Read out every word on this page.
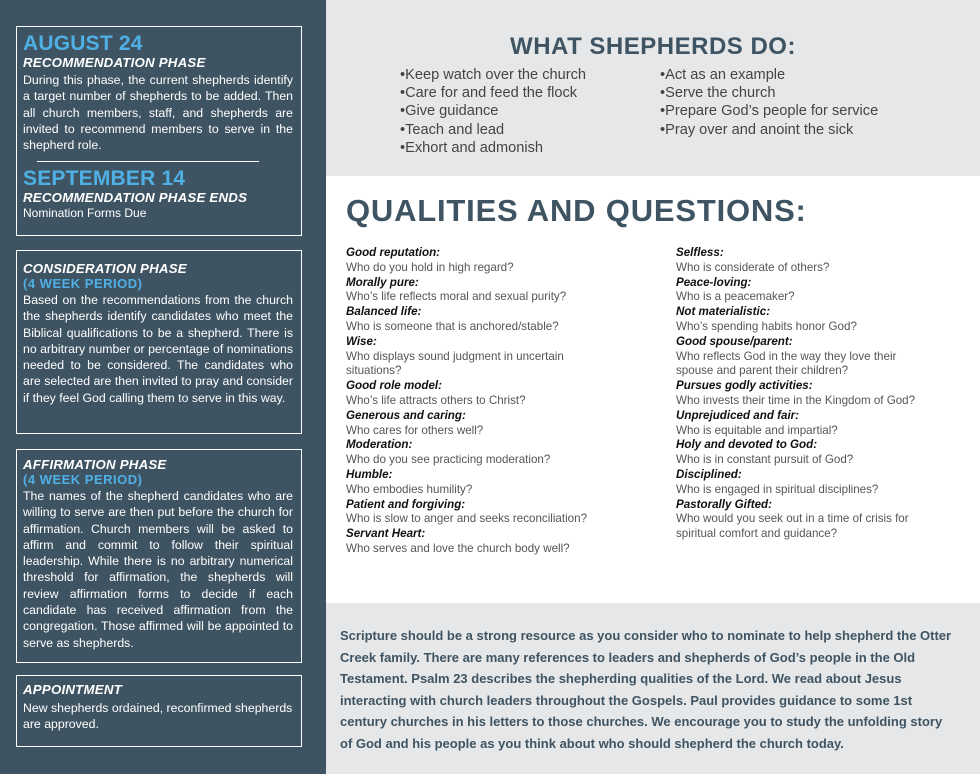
AUGUST 24

RECOMMENDATION PHASE

During this phase, the current shepherds identify a target number of shepherds to be added. Then all church members, staff, and shepherds are invited to recommend members to serve in the shepherd role.

SEPTEMBER 14

RECOMMENDATION PHASE ENDS

Nomination Forms Due

CONSIDERATION PHASE

(4 WEEK PERIOD)

Based on the recommendations from the church the shepherds identify candidates who meet the Biblical qualifications to be a shepherd. There is no arbitrary number or percentage of nominations needed to be considered. The candidates who are selected are then invited to pray and consider if they feel God calling them to serve in this way.

AFFIRMATION PHASE

(4 WEEK PERIOD)

The names of the shepherd candidates who are willing to serve are then put before the church for affirmation. Church members will be asked to affirm and commit to follow their spiritual leadership. While there is no arbitrary numerical threshold for affirmation, the shepherds will review affirmation forms to decide if each candidate has received affirmation from the congregation. Those affirmed will be appointed to serve as shepherds.

APPOINTMENT

New shepherds ordained, reconfirmed shepherds are approved.

WHAT SHEPHERDS DO:

•Keep watch over the church
•Care for and feed the flock
•Give guidance
•Teach and lead
•Exhort and admonish
•Act as an example
•Serve the church
•Prepare God’s people for service
•Pray over and anoint the sick

QUALITIES AND QUESTIONS:

Good reputation:
Who do you hold in high regard?
Morally pure:
Who’s life reflects moral and sexual purity?
Balanced life:
Who is someone that is anchored/stable?
Wise:
Who displays sound judgment in uncertain situations?
Good role model:
Who’s life attracts others to Christ?
Generous and caring:
Who cares for others well?
Moderation:
Who do you see practicing moderation?
Humble:
Who embodies humility?
Patient and forgiving:
Who is slow to anger and seeks reconciliation?
Servant Heart:
Who serves and love the church body well?
Selfless:
Who is considerate of others?
Peace-loving:
Who is a peacemaker?
Not materialistic:
Who’s spending habits honor God?
Good spouse/parent:
Who reflects God in the way they love their spouse and parent their children?
Pursues godly activities:
Who invests their time in the Kingdom of God?
Unprejudiced and fair:
Who is equitable and impartial?
Holy and devoted to God:
Who is in constant pursuit of God?
Disciplined:
Who is engaged in spiritual disciplines?
Pastorally Gifted:
Who would you seek out in a time of crisis for spiritual comfort and guidance?

Scripture should be a strong resource as you consider who to nominate to help shepherd the Otter Creek family. There are many references to leaders and shepherds of God’s people in the Old Testament. Psalm 23 describes the shepherding qualities of the Lord. We read about Jesus interacting with church leaders throughout the Gospels. Paul provides guidance to some 1st century churches in his letters to those churches. We encourage you to study the unfolding story of God and his people as you think about who should shepherd the church today.
